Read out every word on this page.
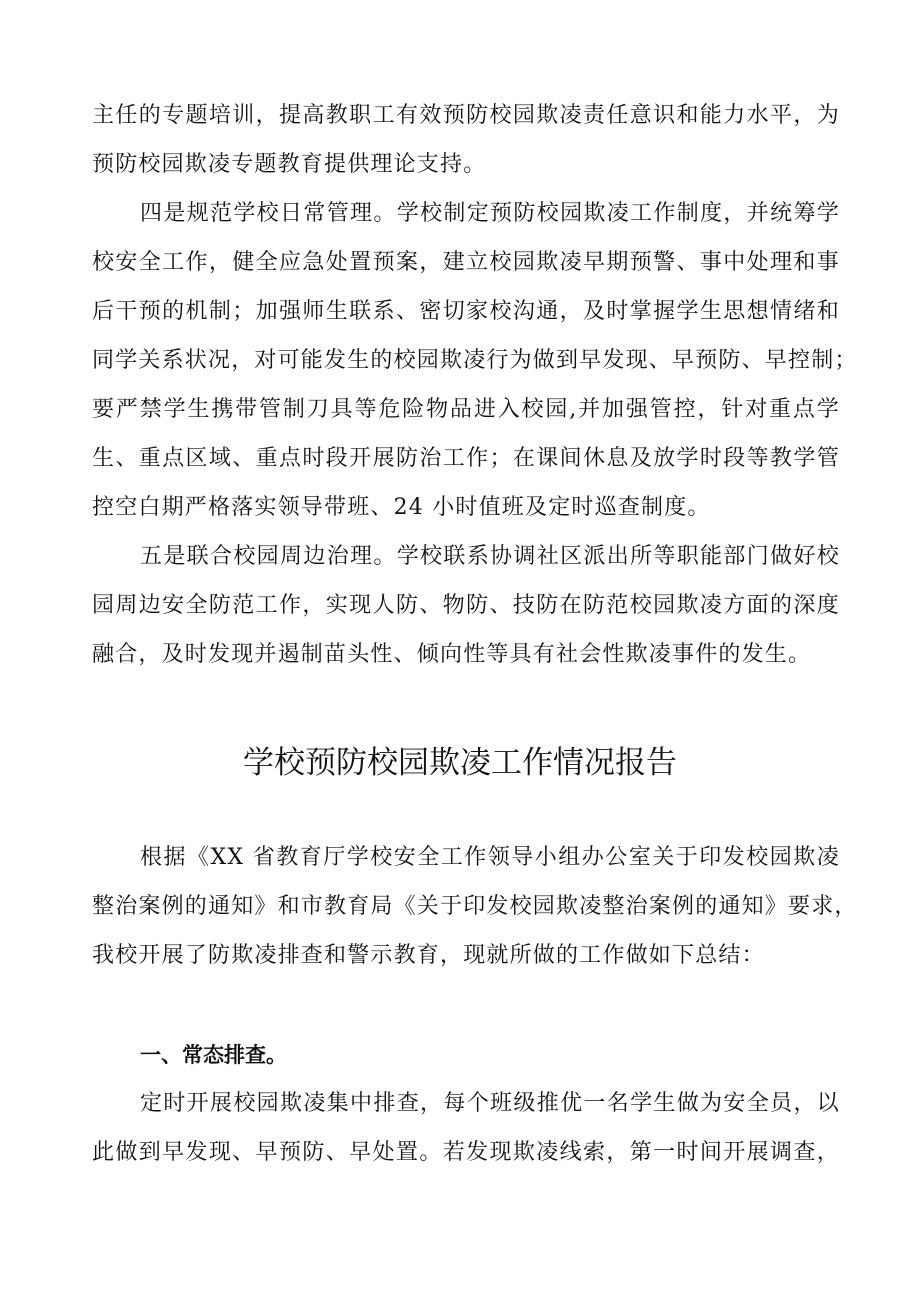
主任的专题培训，提高教职工有效预防校园欺凌责任意识和能力水平，为
预防校园欺凌专题教育提供理论支持。
四是规范学校日常管理。学校制定预防校园欺凌工作制度，并统筹学
校安全工作，健全应急处置预案，建立校园欺凌早期预警、事中处理和事
后干预的机制；加强师生联系、密切家校沟通，及时掌握学生思想情绪和
同学关系状况，对可能发生的校园欺凌行为做到早发现、早预防、早控制；
要严禁学生携带管制刀具等危险物品进入校园,并加强管控，针对重点学
生、重点区域、重点时段开展防治工作；在课间休息及放学时段等教学管
控空白期严格落实领导带班、24 小时值班及定时巡查制度。
五是联合校园周边治理。学校联系协调社区派出所等职能部门做好校
园周边安全防范工作，实现人防、物防、技防在防范校园欺凌方面的深度
融合，及时发现并遏制苗头性、倾向性等具有社会性欺凌事件的发生。
学校预防校园欺凌工作情况报告
根据《XX 省教育厅学校安全工作领导小组办公室关于印发校园欺凌
整治案例的通知》和市教育局《关于印发校园欺凌整治案例的通知》要求，
我校开展了防欺凌排查和警示教育，现就所做的工作做如下总结：
一、常态排查。
定时开展校园欺凌集中排查，每个班级推优一名学生做为安全员，以
此做到早发现、早预防、早处置。若发现欺凌线索，第一时间开展调查，
